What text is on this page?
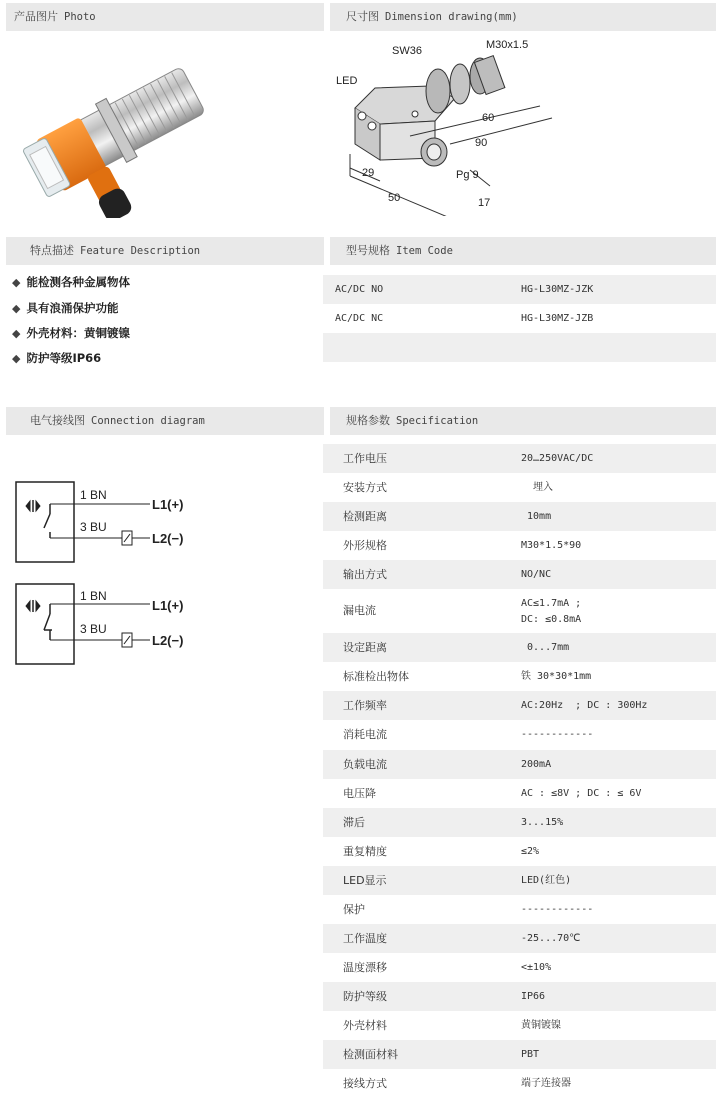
产品图片 Photo	尺寸图 Dimension drawing(mm)
SW36	M30x1.5
LED
60
90
Pg 9
29
50	17
特点描述 Feature Description	型号规格 Item Code
◆ 能检测各种金属物体
◆ 具有浪涌保护功能
◆ 外壳材料：黄铜镀镍
◆ 防护等级IP66
AC/DC NO	HG-L30MZ-JZK
AC/DC NC	HG-L30MZ-JZB
电气接线图 Connection diagram	规格参数 Specification
1 BN
3 BU
L1(+)
L2(−)
1 BN
3 BU
L1(+)
L2(−)
工作电压	20…250VAC/DC
安装方式	埋入
检测距离	10mm
外形规格	M30*1.5*90
输出方式	NO/NC
漏电流
AC≤1.7mA ;
DC: ≤0.8mA
设定距离	0...7mm
标准检出物体	铁 30*30*1mm
工作频率	AC:20Hz  ; DC : 300Hz
消耗电流	------------
负载电流	200mA
电压降	AC : ≤8V ; DC : ≤ 6V
滞后	3...15%
重复精度	≤2%
LED显示	LED(红色)
保护	------------
工作温度	-25...70℃
温度漂移	<±10%
防护等级	IP66
外壳材料	黄铜镀镍
检测面材料	PBT
接线方式	端子连接器
